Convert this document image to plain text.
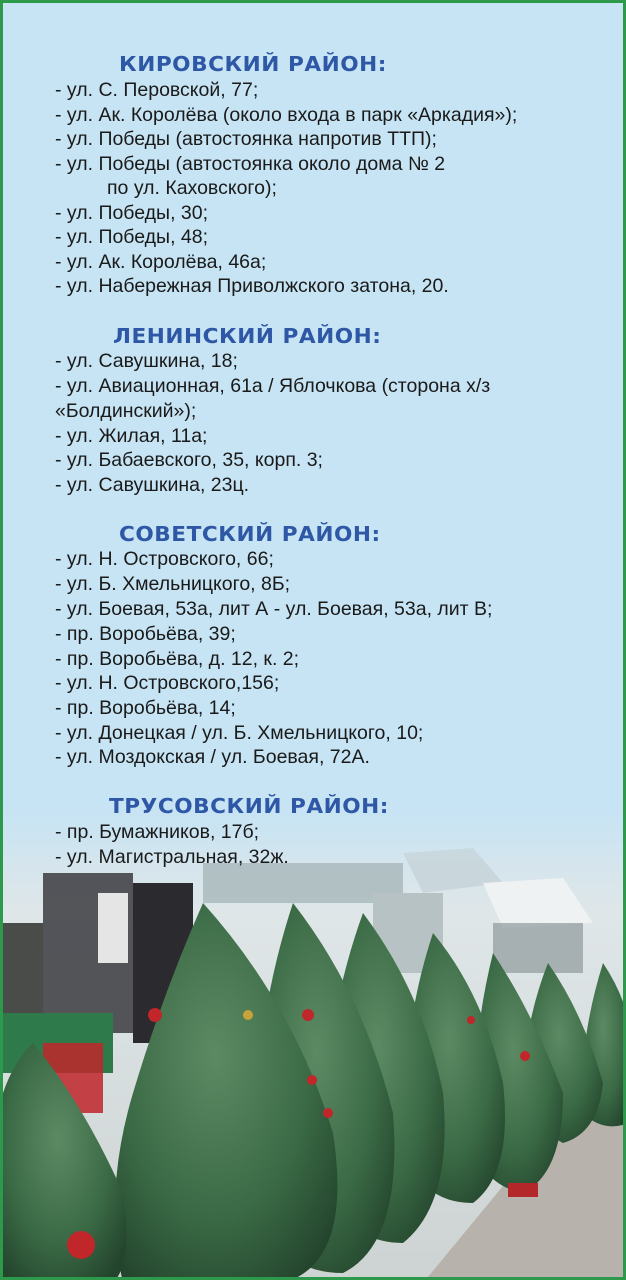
КИРОВСКИЙ РАЙОН:
- ул. С. Перовской, 77;
- ул. Ак. Королёва (около входа в парк «Аркадия»);
- ул. Победы (автостоянка напротив ТТП);
- ул. Победы (автостоянка около дома № 2
по ул. Каховского);
- ул. Победы, 30;
- ул. Победы, 48;
- ул. Ак. Королёва, 46а;
- ул. Набережная Приволжского затона, 20.
ЛЕНИНСКИЙ РАЙОН:
- ул. Савушкина, 18;
- ул. Авиационная, 61а / Яблочкова (сторона х/з
«Болдинский»);
- ул. Жилая, 11а;
- ул. Бабаевского, 35, корп. 3;
- ул. Савушкина, 23ц.
СОВЕТСКИЙ РАЙОН:
- ул. Н. Островского, 66;
- ул. Б. Хмельницкого, 8Б;
- ул. Боевая, 53а, лит А - ул. Боевая, 53а, лит В;
- пр. Воробьёва, 39;
- пр. Воробьёва, д. 12, к. 2;
- ул. Н. Островского,156;
- пр. Воробьёва, 14;
- ул. Донецкая / ул. Б. Хмельницкого, 10;
- ул. Моздокская / ул. Боевая, 72А.
ТРУСОВСКИЙ РАЙОН:
- пр. Бумажников, 17б;
- ул. Магистральная, 32ж.
